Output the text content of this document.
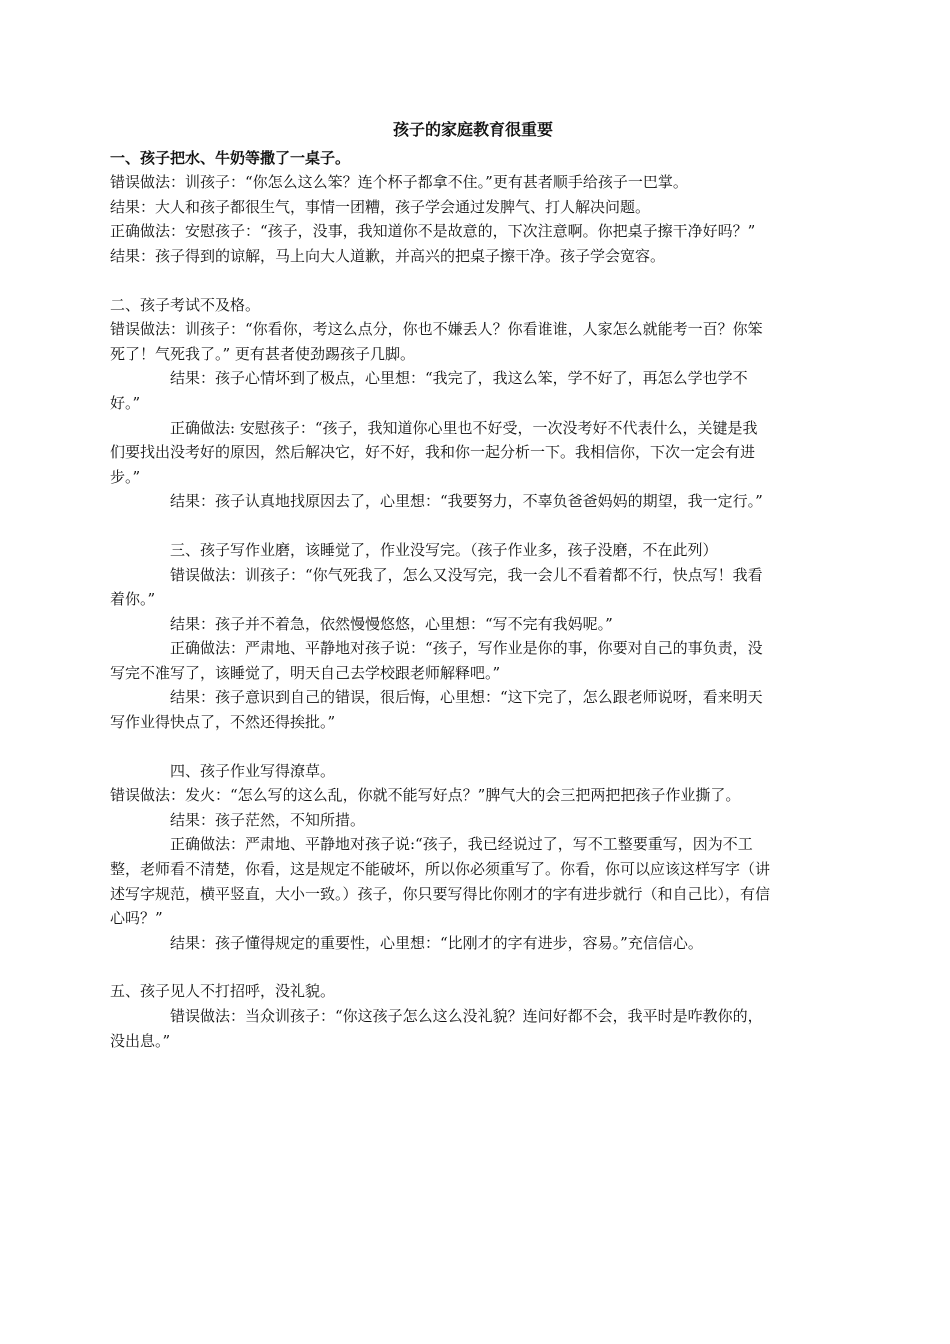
孩子的家庭教育很重要

一、孩子把水、牛奶等撒了一桌子。

错误做法：训孩子：“你怎么这么笨？连个杯子都拿不住。”更有甚者顺手给孩子一巴掌。

结果：大人和孩子都很生气，事情一团糟，孩子学会通过发脾气、打人解决问题。

正确做法：安慰孩子：“孩子，没事，我知道你不是故意的，下次注意啊。你把桌子擦干净好吗？”

结果：孩子得到的谅解，马上向大人道歉，并高兴的把桌子擦干净。孩子学会宽容。

二、孩子考试不及格。

错误做法：训孩子：“你看你，考这么点分，你也不嫌丢人？你看谁谁，人家怎么就能考一百？你笨死了！气死我了。” 更有甚者使劲踢孩子几脚。

结果：孩子心情坏到了极点，心里想：“我完了，我这么笨，学不好了，再怎么学也学不好。”

正确做法: 安慰孩子：“孩子，我知道你心里也不好受，一次没考好不代表什么，关键是我们要找出没考好的原因，然后解决它，好不好，我和你一起分析一下。我相信你，下次一定会有进步。”

结果：孩子认真地找原因去了，心里想：“我要努力，不辜负爸爸妈妈的期望，我一定行。”

三、孩子写作业磨，该睡觉了，作业没写完。（孩子作业多，孩子没磨，不在此列）

错误做法：训孩子：“你气死我了，怎么又没写完，我一会儿不看着都不行，快点写！我看着你。”

结果：孩子并不着急，依然慢慢悠悠，心里想：“写不完有我妈呢。”

正确做法：严肃地、平静地对孩子说：“孩子，写作业是你的事，你要对自己的事负责，没写完不准写了，该睡觉了，明天自己去学校跟老师解释吧。”

结果：孩子意识到自己的错误，很后悔，心里想：“这下完了，怎么跟老师说呀，看来明天写作业得快点了，不然还得挨批。”

四、孩子作业写得潦草。

错误做法：发火：“怎么写的这么乱，你就不能写好点？”脾气大的会三把两把把孩子作业撕了。

结果：孩子茫然，不知所措。

正确做法：严肃地、平静地对孩子说:“孩子，我已经说过了，写不工整要重写，因为不工整，老师看不清楚，你看，这是规定不能破坏，所以你必须重写了。你看，你可以应该这样写字（讲述写字规范，横平竖直，大小一致。）孩子，你只要写得比你刚才的字有进步就行（和自己比），有信心吗？”

结果：孩子懂得规定的重要性，心里想：“比刚才的字有进步，容易。”充信信心。

五、孩子见人不打招呼，没礼貌。

错误做法：当众训孩子：“你这孩子怎么这么没礼貌？连问好都不会，我平时是咋教你的，没出息。”
